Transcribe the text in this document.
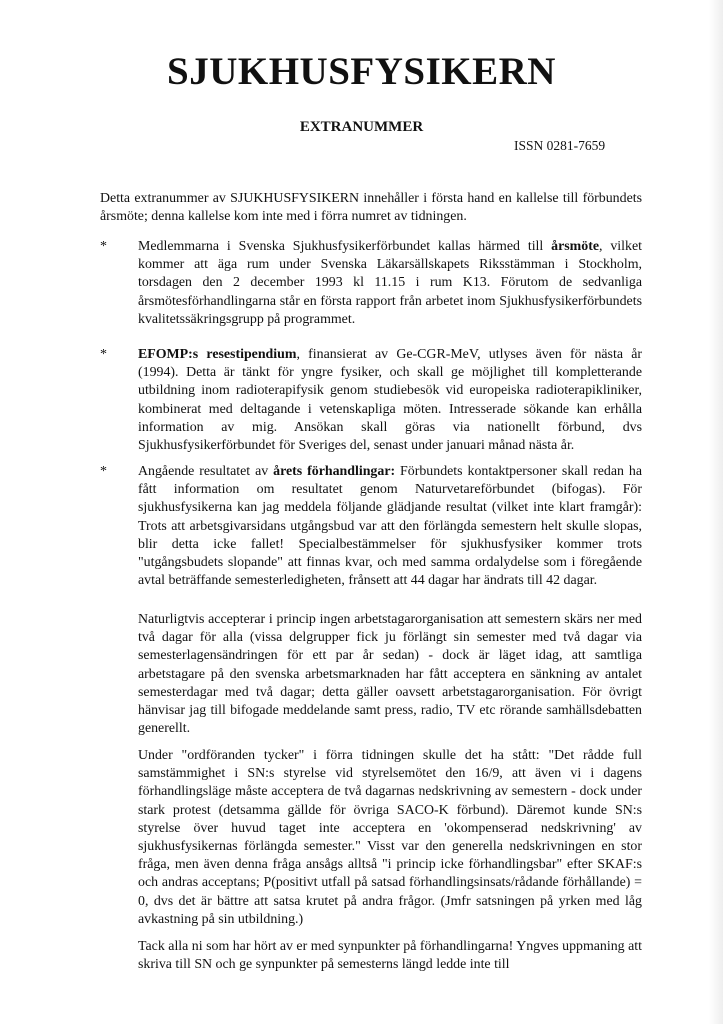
SJUKHUSFYSIKERN
EXTRANUMMER
ISSN 0281-7659
Detta extranummer av SJUKHUSFYSIKERN innehåller i första hand en kallelse till förbundets årsmöte; denna kallelse kom inte med i förra numret av tidningen.
* Medlemmarna i Svenska Sjukhusfysikerförbundet kallas härmed till årsmöte, vilket kommer att äga rum under Svenska Läkarsällskapets Riksstämman i Stockholm, torsdagen den 2 december 1993 kl 11.15 i rum K13. Förutom de sedvanliga årsmötesförhandlingarna står en första rapport från arbetet inom Sjukhusfysikerförbundets kvalitetssäkringsgrupp på programmet.
* EFOMP:s resestipendium, finansierat av Ge-CGR-MeV, utlyses även för nästa år (1994). Detta är tänkt för yngre fysiker, och skall ge möjlighet till kompletterande utbildning inom radioterapifysik genom studiebesök vid europeiska radioterapikliniker, kombinerat med deltagande i vetenskapliga möten. Intresserade sökande kan erhålla information av mig. Ansökan skall göras via nationellt förbund, dvs Sjukhusfysikerförbundet för Sveriges del, senast under januari månad nästa år.
* Angående resultatet av årets förhandlingar: Förbundets kontaktpersoner skall redan ha fått information om resultatet genom Naturvetareförbundet (bifogas). För sjukhusfysikerna kan jag meddela följande glädjande resultat (vilket inte klart framgår): Trots att arbetsgivarsidans utgångsbud var att den förlängda semestern helt skulle slopas, blir detta icke fallet! Specialbestämmelser för sjukhusfysiker kommer trots "utgångsbudets slopande" att finnas kvar, och med samma ordalydelse som i föregående avtal beträffande semesterledigheten, frånsett att 44 dagar har ändrats till 42 dagar.
Naturligtvis accepterar i princip ingen arbetstagarorganisation att semestern skärs ner med två dagar för alla (vissa delgrupper fick ju förlängt sin semester med två dagar via semesterlagensändringen för ett par år sedan) - dock är läget idag, att samtliga arbetstagare på den svenska arbetsmarknaden har fått acceptera en sänkning av antalet semesterdagar med två dagar; detta gäller oavsett arbetstagarorganisation. För övrigt hänvisar jag till bifogade meddelande samt press, radio, TV etc rörande samhällsdebatten generellt.
Under "ordföranden tycker" i förra tidningen skulle det ha stått: "Det rådde full samstämmighet i SN:s styrelse vid styrelsemötet den 16/9, att även vi i dagens förhandlingsläge måste acceptera de två dagarnas nedskrivning av semestern - dock under stark protest (detsamma gällde för övriga SACO-K förbund). Däremot kunde SN:s styrelse över huvud taget inte acceptera en 'okompenserad nedskrivning' av sjukhusfysikernas förlängda semester." Visst var den generella nedskrivningen en stor fråga, men även denna fråga ansågs alltså "i princip icke förhandlingsbar" efter SKAF:s och andras acceptans; P(positivt utfall på satsad förhandlingsinsats/rådande förhållande) = 0, dvs det är bättre att satsa krutet på andra frågor. (Jmfr satsningen på yrken med låg avkastning på sin utbildning.)
Tack alla ni som har hört av er med synpunkter på förhandlingarna! Yngves uppmaning att skriva till SN och ge synpunkter på semesterns längd ledde inte till
